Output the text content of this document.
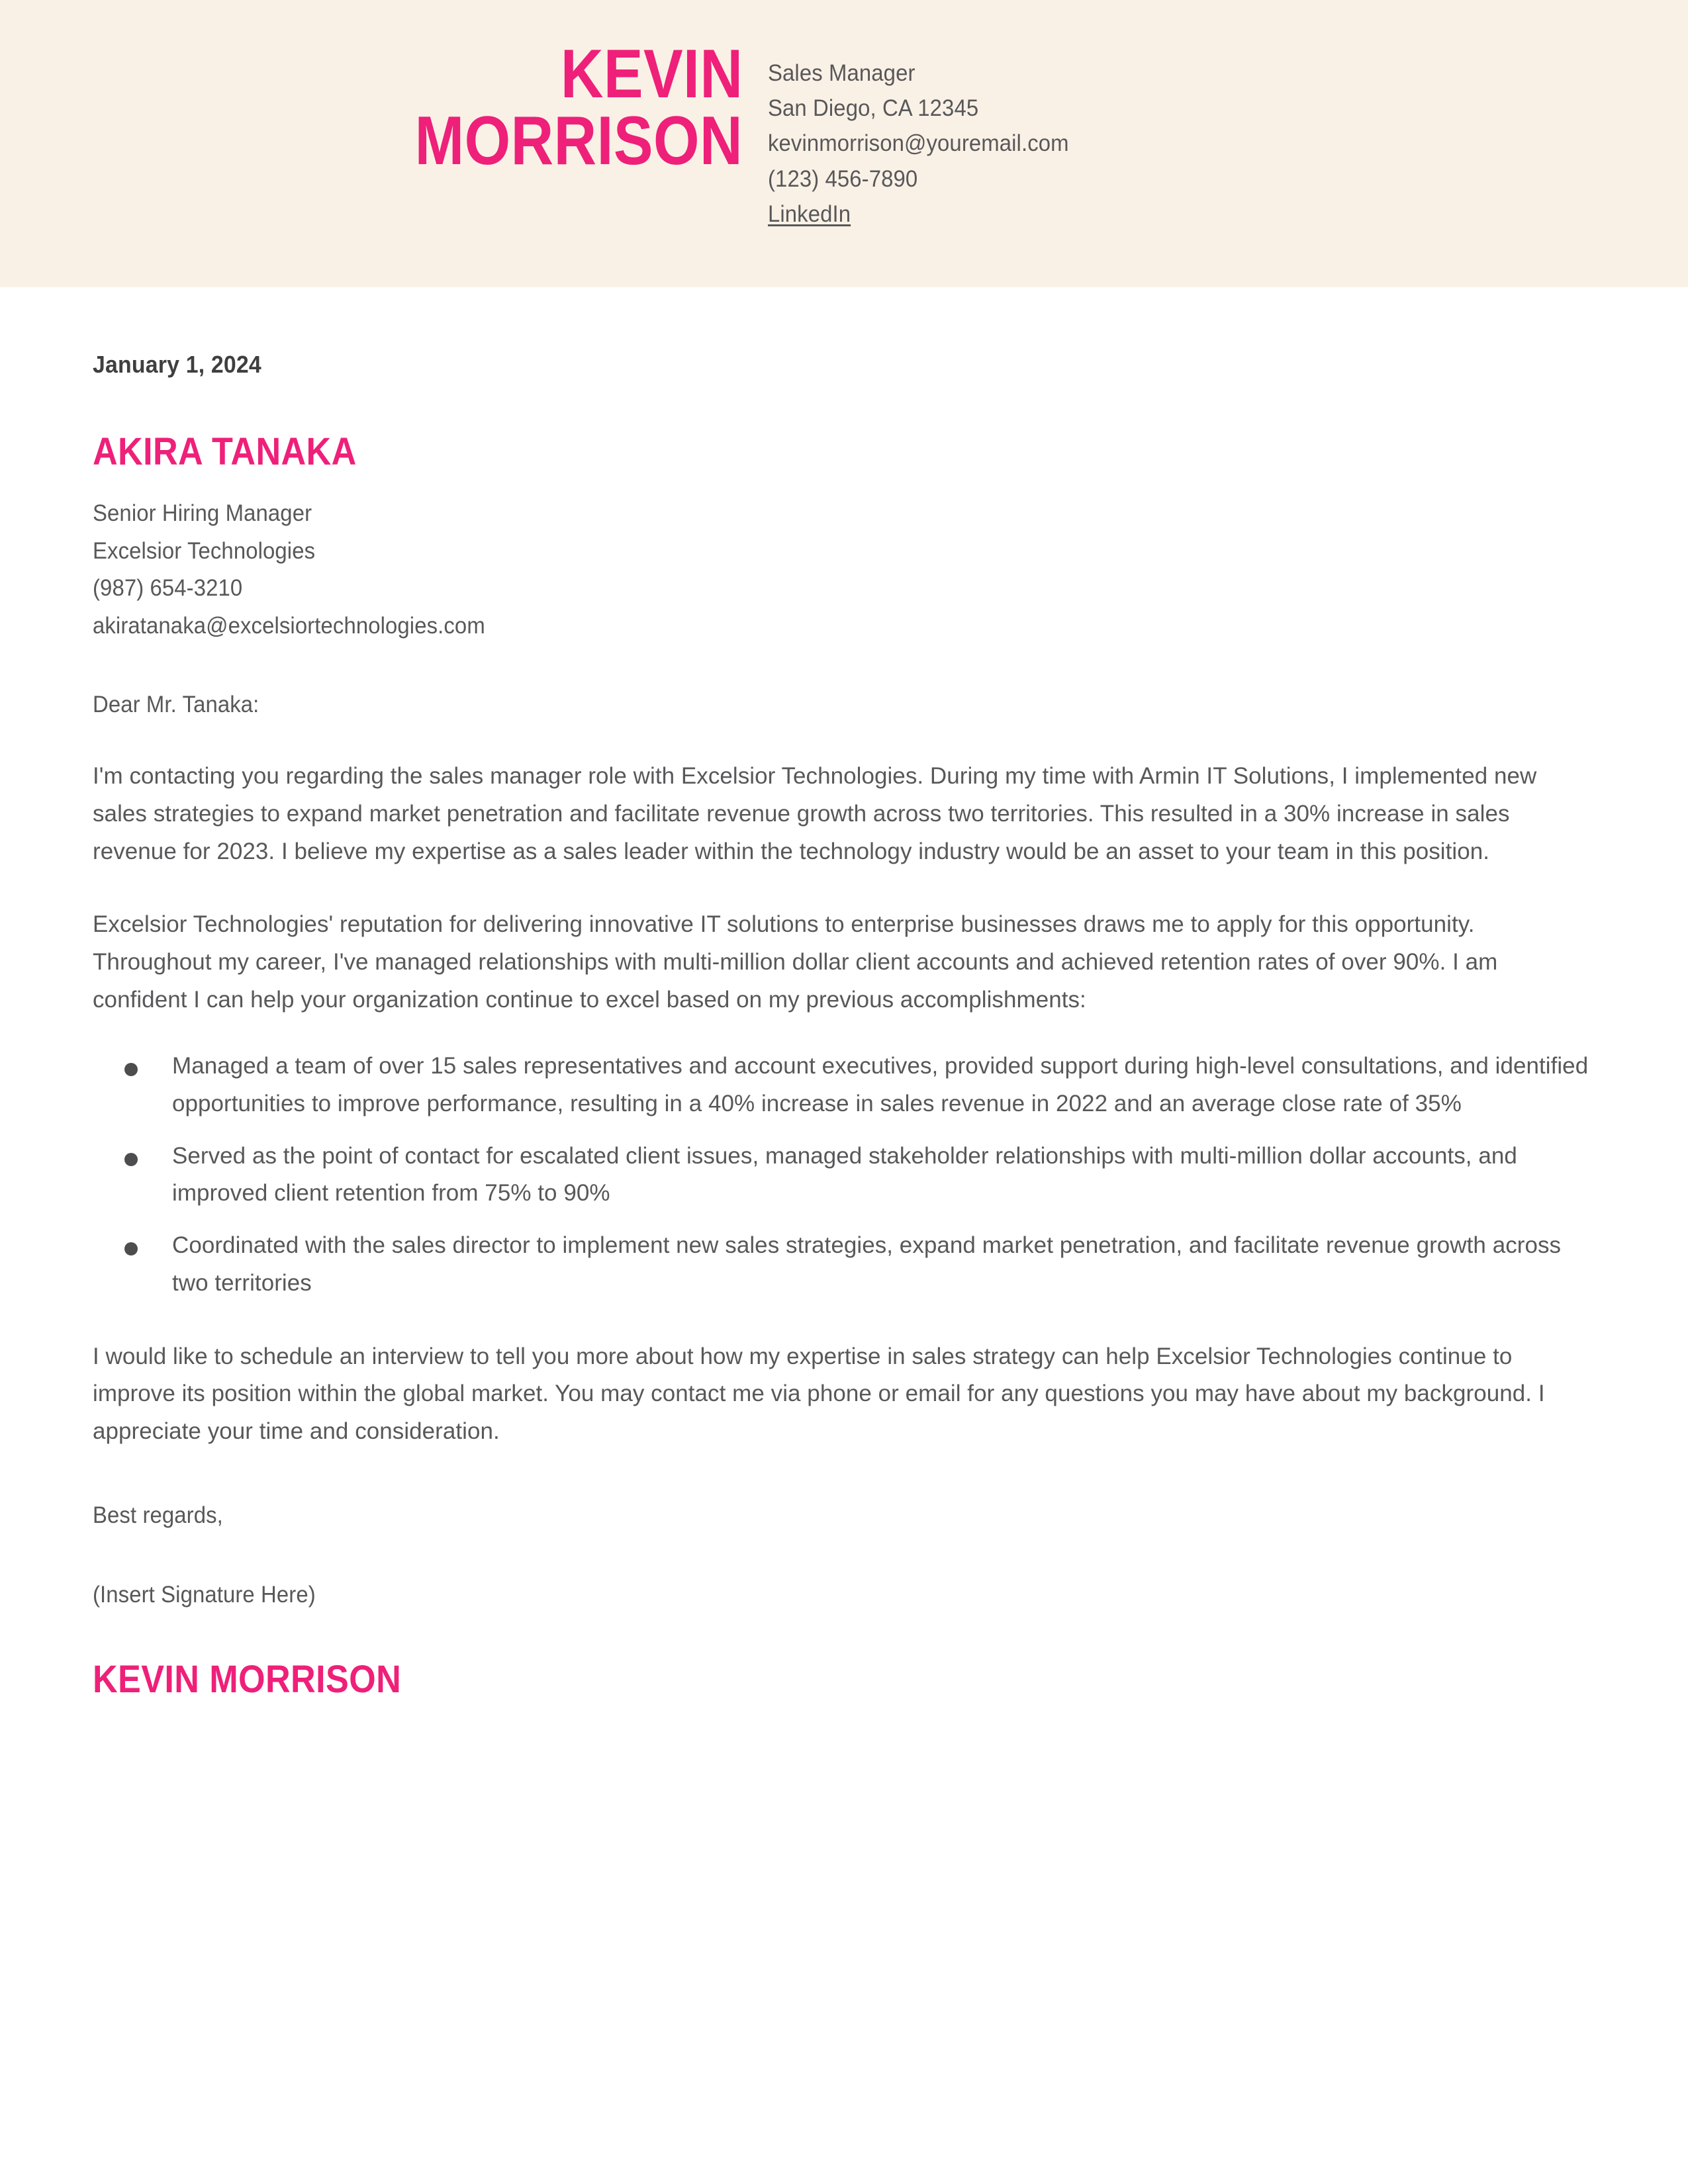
KEVIN
MORRISON
Sales Manager
San Diego, CA 12345
kevinmorrison@youremail.com
(123) 456-7890
LinkedIn
January 1, 2024
AKIRA TANAKA
Senior Hiring Manager
Excelsior Technologies
(987) 654-3210
akiratanaka@excelsiortechnologies.com
Dear Mr. Tanaka:

I'm contacting you regarding the sales manager role with Excelsior Technologies. During my time with Armin IT Solutions, I implemented new sales strategies to expand market penetration and facilitate revenue growth across two territories. This resulted in a 30% increase in sales revenue for 2023. I believe my expertise as a sales leader within the technology industry would be an asset to your team in this position.

Excelsior Technologies' reputation for delivering innovative IT solutions to enterprise businesses draws me to apply for this opportunity. Throughout my career, I've managed relationships with multi-million dollar client accounts and achieved retention rates of over 90%. I am confident I can help your organization continue to excel based on my previous accomplishments:

Managed a team of over 15 sales representatives and account executives, provided support during high-level consultations, and identified opportunities to improve performance, resulting in a 40% increase in sales revenue in 2022 and an average close rate of 35%
Served as the point of contact for escalated client issues, managed stakeholder relationships with multi-million dollar accounts, and improved client retention from 75% to 90%
Coordinated with the sales director to implement new sales strategies, expand market penetration, and facilitate revenue growth across two territories

I would like to schedule an interview to tell you more about how my expertise in sales strategy can help Excelsior Technologies continue to improve its position within the global market. You may contact me via phone or email for any questions you may have about my background. I appreciate your time and consideration.

Best regards,
(Insert Signature Here)
KEVIN MORRISON
